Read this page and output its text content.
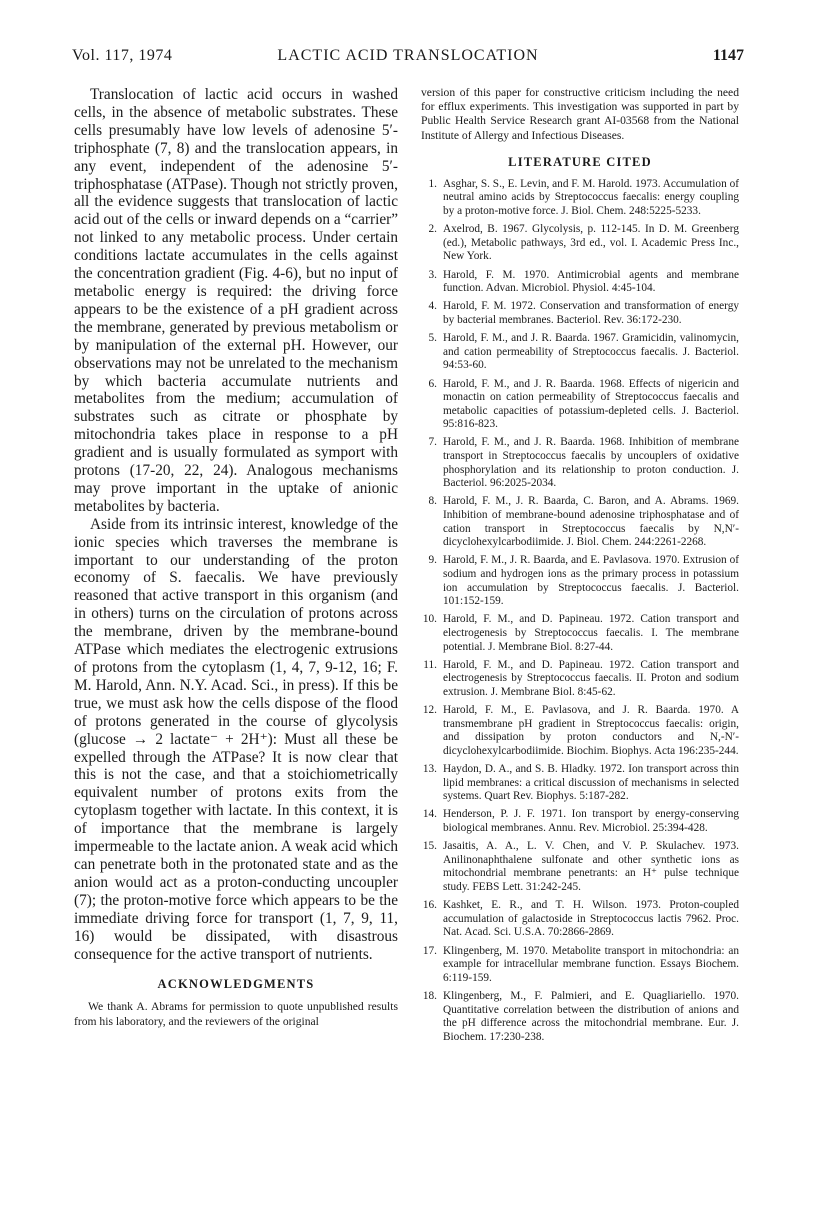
Vol. 117, 1974	LACTIC ACID TRANSLOCATION	1147

Translocation of lactic acid occurs in washed cells, in the absence of metabolic substrates. These cells presumably have low levels of adenosine 5′-triphosphate (7, 8) and the translocation appears, in any event, independent of the adenosine 5′-triphosphatase (ATPase). Though not strictly proven, all the evidence suggests that translocation of lactic acid out of the cells or inward depends on a “carrier” not linked to any metabolic process. Under certain conditions lactate accumulates in the cells against the concentration gradient (Fig. 4-6), but no input of metabolic energy is required: the driving force appears to be the existence of a pH gradient across the membrane, generated by previous metabolism or by manipulation of the external pH. However, our observations may not be unrelated to the mechanism by which bacteria accumulate nutrients and metabolites from the medium; accumulation of substrates such as citrate or phosphate by mitochondria takes place in response to a pH gradient and is usually formulated as symport with protons (17-20, 22, 24). Analogous mechanisms may prove important in the uptake of anionic metabolites by bacteria.

Aside from its intrinsic interest, knowledge of the ionic species which traverses the membrane is important to our understanding of the proton economy of S. faecalis. We have previously reasoned that active transport in this organism (and in others) turns on the circulation of protons across the membrane, driven by the membrane-bound ATPase which mediates the electrogenic extrusions of protons from the cytoplasm (1, 4, 7, 9-12, 16; F. M. Harold, Ann. N.Y. Acad. Sci., in press). If this be true, we must ask how the cells dispose of the flood of protons generated in the course of glycolysis (glucose → 2 lactate⁻ + 2H⁺): Must all these be expelled through the ATPase? It is now clear that this is not the case, and that a stoichiometrically equivalent number of protons exits from the cytoplasm together with lactate. In this context, it is of importance that the membrane is largely impermeable to the lactate anion. A weak acid which can penetrate both in the protonated state and as the anion would act as a proton-conducting uncoupler (7); the proton-motive force which appears to be the immediate driving force for transport (1, 7, 9, 11, 16) would be dissipated, with disastrous consequence for the active transport of nutrients.

ACKNOWLEDGMENTS

We thank A. Abrams for permission to quote unpublished results from his laboratory, and the reviewers of the original

version of this paper for constructive criticism including the need for efflux experiments. This investigation was supported in part by Public Health Service Research grant AI-03568 from the National Institute of Allergy and Infectious Diseases.

LITERATURE CITED
1. Asghar, S. S., E. Levin, and F. M. Harold. 1973. Accumulation of neutral amino acids by Streptococcus faecalis: energy coupling by a proton-motive force. J. Biol. Chem. 248:5225-5233.
2. Axelrod, B. 1967. Glycolysis, p. 112-145. In D. M. Greenberg (ed.), Metabolic pathways, 3rd ed., vol. I. Academic Press Inc., New York.
3. Harold, F. M. 1970. Antimicrobial agents and membrane function. Advan. Microbiol. Physiol. 4:45-104.
4. Harold, F. M. 1972. Conservation and transformation of energy by bacterial membranes. Bacteriol. Rev. 36:172-230.
5. Harold, F. M., and J. R. Baarda. 1967. Gramicidin, valinomycin, and cation permeability of Streptococcus faecalis. J. Bacteriol. 94:53-60.
6. Harold, F. M., and J. R. Baarda. 1968. Effects of nigericin and monactin on cation permeability of Streptococcus faecalis and metabolic capacities of potassium-depleted cells. J. Bacteriol. 95:816-823.
7. Harold, F. M., and J. R. Baarda. 1968. Inhibition of membrane transport in Streptococcus faecalis by uncouplers of oxidative phosphorylation and its relationship to proton conduction. J. Bacteriol. 96:2025-2034.
8. Harold, F. M., J. R. Baarda, C. Baron, and A. Abrams. 1969. Inhibition of membrane-bound adenosine triphosphatase and of cation transport in Streptococcus faecalis by N,N′-dicyclohexylcarbodiimide. J. Biol. Chem. 244:2261-2268.
9. Harold, F. M., J. R. Baarda, and E. Pavlasova. 1970. Extrusion of sodium and hydrogen ions as the primary process in potassium ion accumulation by Streptococcus faecalis. J. Bacteriol. 101:152-159.
10. Harold, F. M., and D. Papineau. 1972. Cation transport and electrogenesis by Streptococcus faecalis. I. The membrane potential. J. Membrane Biol. 8:27-44.
11. Harold, F. M., and D. Papineau. 1972. Cation transport and electrogenesis by Streptococcus faecalis. II. Proton and sodium extrusion. J. Membrane Biol. 8:45-62.
12. Harold, F. M., E. Pavlasova, and J. R. Baarda. 1970. A transmembrane pH gradient in Streptococcus faecalis: origin, and dissipation by proton conductors and N,-N′-dicyclohexylcarbodiimide. Biochim. Biophys. Acta 196:235-244.
13. Haydon, D. A., and S. B. Hladky. 1972. Ion transport across thin lipid membranes: a critical discussion of mechanisms in selected systems. Quart Rev. Biophys. 5:187-282.
14. Henderson, P. J. F. 1971. Ion transport by energy-conserving biological membranes. Annu. Rev. Microbiol. 25:394-428.
15. Jasaitis, A. A., L. V. Chen, and V. P. Skulachev. 1973. Anilinonaphthalene sulfonate and other synthetic ions as mitochondrial membrane penetrants: an H⁺ pulse technique study. FEBS Lett. 31:242-245.
16. Kashket, E. R., and T. H. Wilson. 1973. Proton-coupled accumulation of galactoside in Streptococcus lactis 7962. Proc. Nat. Acad. Sci. U.S.A. 70:2866-2869.
17. Klingenberg, M. 1970. Metabolite transport in mitochondria: an example for intracellular membrane function. Essays Biochem. 6:119-159.
18. Klingenberg, M., F. Palmieri, and E. Quagliariello. 1970. Quantitative correlation between the distribution of anions and the pH difference across the mitochondrial membrane. Eur. J. Biochem. 17:230-238.
